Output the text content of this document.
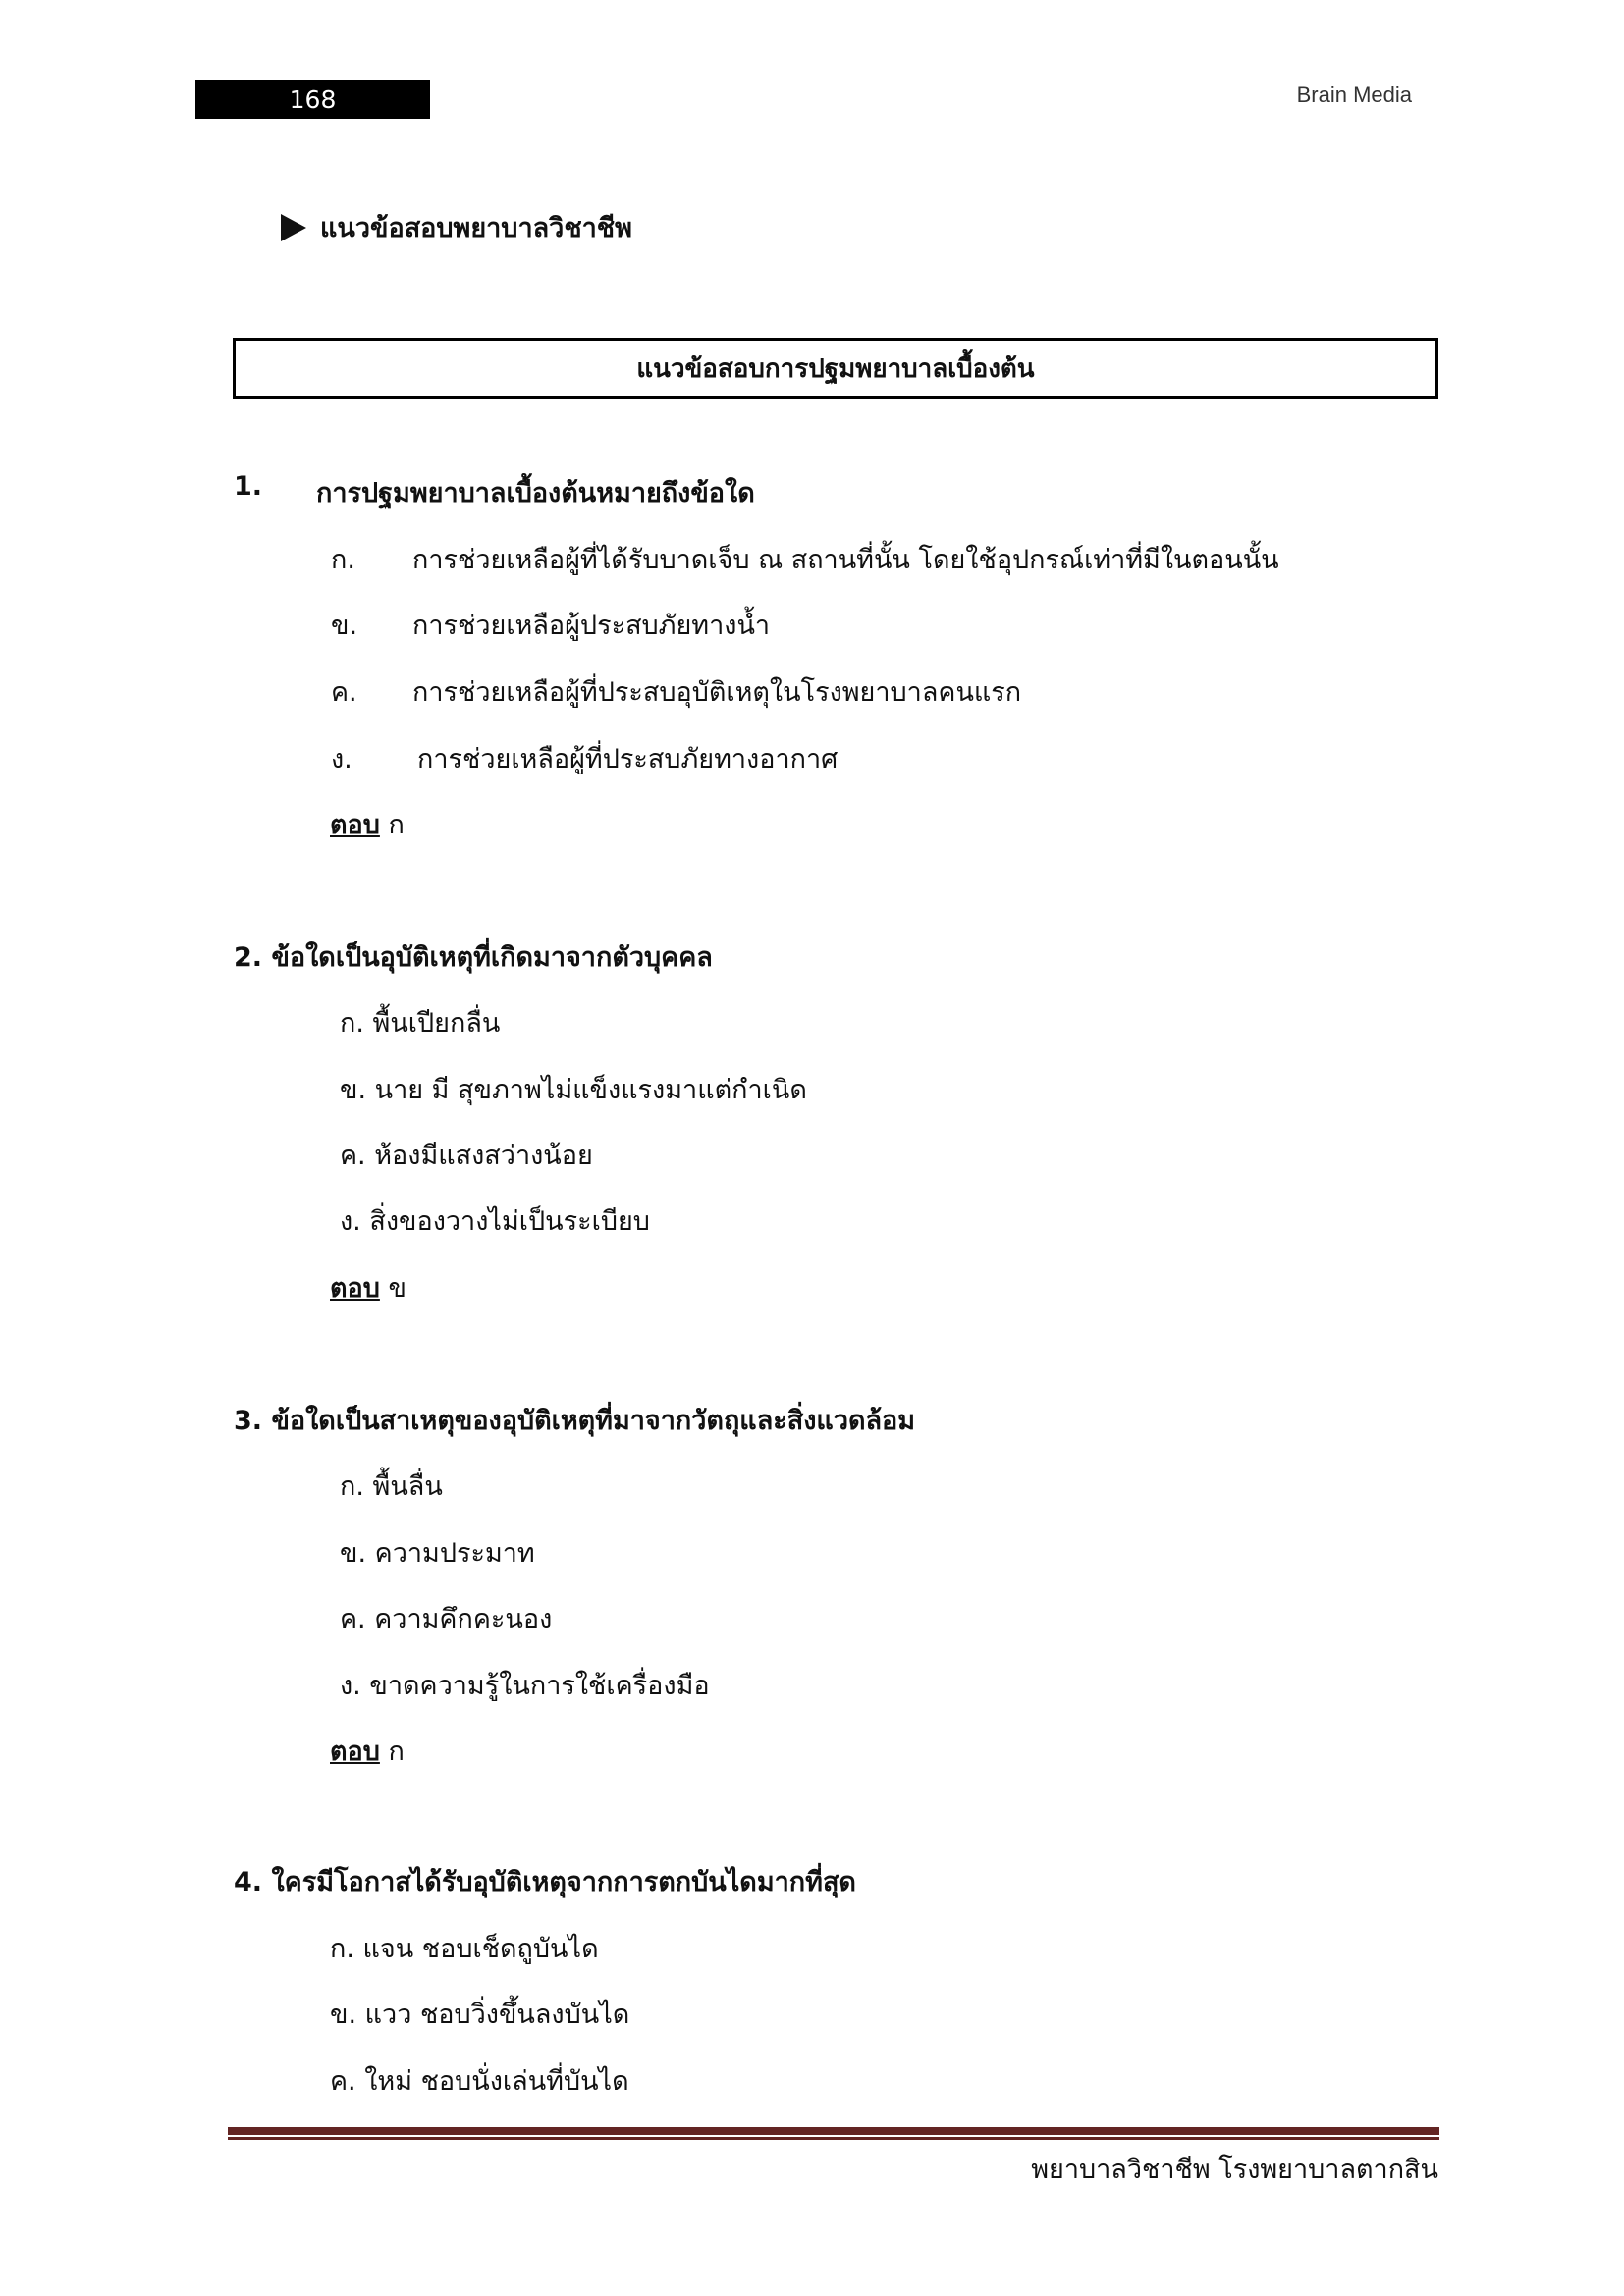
168	Brain Media
แนวข้อสอบพยาบาลวิชาชีพ
แนวข้อสอบการปฐมพยาบาลเบื้องต้น
1. การปฐมพยาบาลเบื้องต้นหมายถึงข้อใด
ก. การช่วยเหลือผู้ที่ได้รับบาดเจ็บ ณ สถานที่นั้น โดยใช้อุปกรณ์เท่าที่มีในตอนนั้น
ข. การช่วยเหลือผู้ประสบภัยทางน้ำ
ค. การช่วยเหลือผู้ที่ประสบอุบัติเหตุในโรงพยาบาลคนแรก
ง. การช่วยเหลือผู้ที่ประสบภัยทางอากาศ
ตอบ ก
2. ข้อใดเป็นอุบัติเหตุที่เกิดมาจากตัวบุคคล
ก. พื้นเปียกลื่น
ข. นาย มี สุขภาพไม่แข็งแรงมาแต่กำเนิด
ค. ห้องมีแสงสว่างน้อย
ง. สิ่งของวางไม่เป็นระเบียบ
ตอบ ข
3. ข้อใดเป็นสาเหตุของอุบัติเหตุที่มาจากวัตถุและสิ่งแวดล้อม
ก. พื้นลื่น
ข. ความประมาท
ค. ความคึกคะนอง
ง. ขาดความรู้ในการใช้เครื่องมือ
ตอบ ก
4. ใครมีโอกาสได้รับอุบัติเหตุจากการตกบันไดมากที่สุด
ก. แจน ชอบเช็ดถูบันได
ข. แวว ชอบวิ่งขึ้นลงบันได
ค. ใหม่ ชอบนั่งเล่นที่บันได
พยาบาลวิชาชีพ โรงพยาบาลตากสิน
